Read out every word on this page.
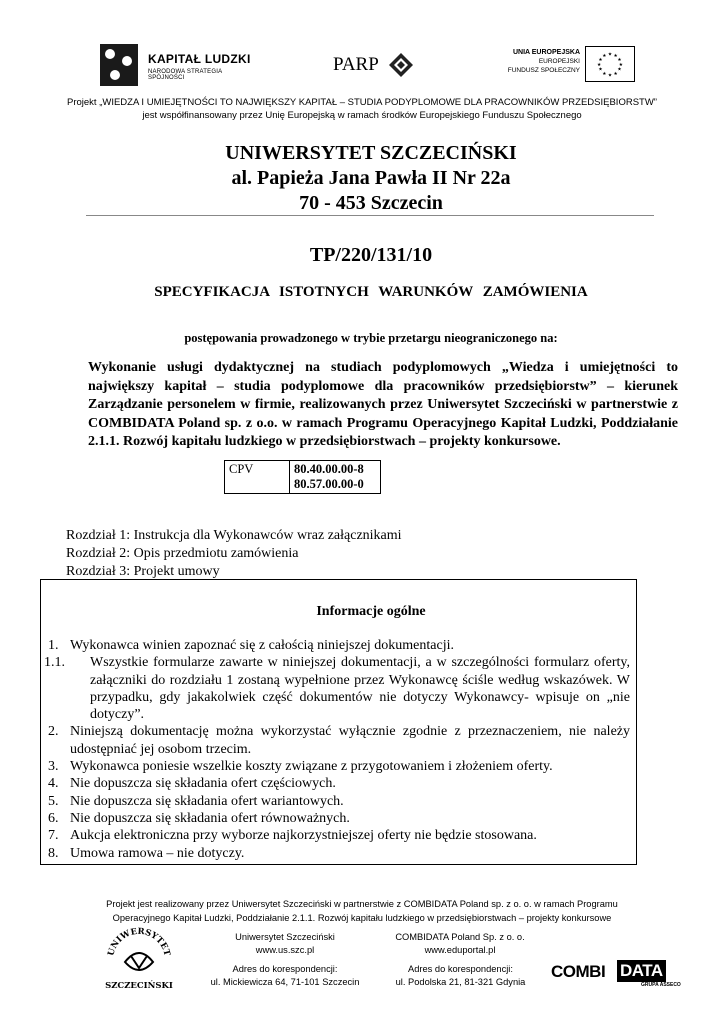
KAPITAŁ LUDZKI
NARODOWA STRATEGIA SPÓJNOŚCI
PARP
UNIA EUROPEJSKA
EUROPEJSKI
FUNDUSZ SPOŁECZNY
★ ★
★
★
★
★
★
★
★
★
★
★
Projekt „WIEDZA I UMIEJĘTNOŚCI TO NAJWIĘKSZY KAPITAŁ – STUDIA PODYPLOMOWE DLA PRACOWNIKÓW PRZEDSIĘBIORSTW”
jest współfinansowany przez Unię Europejską w ramach środków Europejskiego Funduszu Społecznego
UNIWERSYTET SZCZECIŃSKI
al. Papieża Jana Pawła II Nr 22a
70 - 453 Szczecin
TP/220/131/10
SPECYFIKACJA ISTOTNYCH WARUNKÓW ZAMÓWIENIA
postępowania prowadzonego w trybie przetargu nieograniczonego na:
Wykonanie usługi dydaktycznej na studiach podyplomowych „Wiedza i umiejętności to największy kapitał – studia podyplomowe dla pracowników przedsiębiorstw” – kierunek Zarządzanie personelem w firmie, realizowanych przez Uniwersytet Szczeciński w partnerstwie z COMBIDATA Poland sp. z o.o. w ramach Programu Operacyjnego Kapitał Ludzki, Poddziałanie 2.1.1. Rozwój kapitału ludzkiego w przedsiębiorstwach – projekty konkursowe.
CPV	80.40.00.00-8
80.57.00.00-0
Rozdział 1: Instrukcja dla Wykonawców wraz załącznikami
Rozdział 2: Opis przedmiotu zamówienia
Rozdział 3: Projekt umowy
Informacje ogólne
1. Wykonawca winien zapoznać się z całością niniejszej dokumentacji.
1.1. Wszystkie formularze zawarte w niniejszej dokumentacji, a w szczególności formularz oferty, załączniki do rozdziału 1 zostaną wypełnione przez Wykonawcę ściśle według wskazówek. W przypadku, gdy jakakolwiek część dokumentów nie dotyczy Wykonawcy- wpisuje on „nie dotyczy”.
2. Niniejszą dokumentację można wykorzystać wyłącznie zgodnie z przeznaczeniem, nie należy udostępniać jej osobom trzecim.
3. Wykonawca poniesie wszelkie koszty związane z przygotowaniem i złożeniem oferty.
4. Nie dopuszcza się składania ofert częściowych.
5. Nie dopuszcza się składania ofert wariantowych.
6. Nie dopuszcza się składania ofert równoważnych.
7. Aukcja elektroniczna przy wyborze najkorzystniejszej oferty nie będzie stosowana.
8. Umowa ramowa – nie dotyczy.
Projekt jest realizowany przez Uniwersytet Szczeciński w partnerstwie z COMBIDATA Poland sp. z o. o. w ramach Programu
Operacyjnego Kapitał Ludzki, Poddziałanie 2.1.1. Rozwój kapitału ludzkiego w przedsiębiorstwach – projekty konkursowe
UNIWERSYTET
SZCZECIŃSKI
Uniwersytet Szczeciński
www.us.szc.pl
COMBIDATA Poland Sp. z o. o.
www.eduportal.pl
Adres do korespondencji:
ul. Mickiewicza 64, 71-101 Szczecin
Adres do korespondencji:
ul. Podolska 21, 81-321 Gdynia
COMBI DATA
GRUPA ASSECO
